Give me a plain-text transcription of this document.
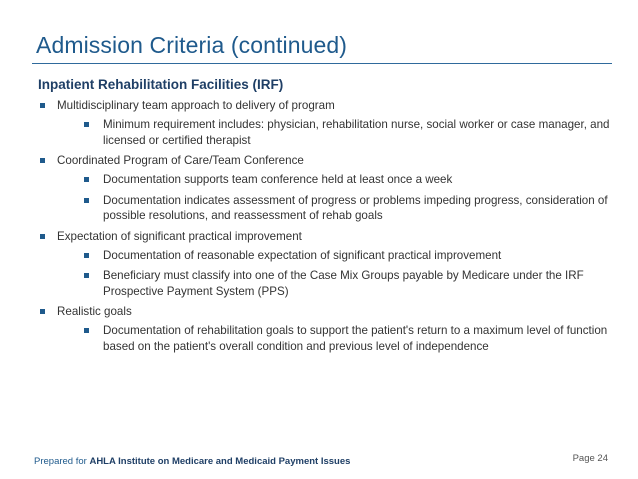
Admission Criteria (continued)
Inpatient Rehabilitation Facilities (IRF)
Multidisciplinary team approach to delivery of program
Minimum requirement includes: physician, rehabilitation nurse, social worker or case manager, and licensed or certified therapist
Coordinated Program of Care/Team Conference
Documentation supports team conference held at least once a week
Documentation indicates assessment of progress or problems impeding progress, consideration of possible resolutions, and reassessment of rehab goals
Expectation of significant practical improvement
Documentation of reasonable expectation of significant practical improvement
Beneficiary must classify into one of the Case Mix Groups payable by Medicare under the IRF Prospective Payment System (PPS)
Realistic goals
Documentation of rehabilitation goals to support the patient's return to a maximum level of function based on the patient's overall condition and previous level of independence
Prepared for AHLA Institute on Medicare and Medicaid Payment Issues	Page 24
